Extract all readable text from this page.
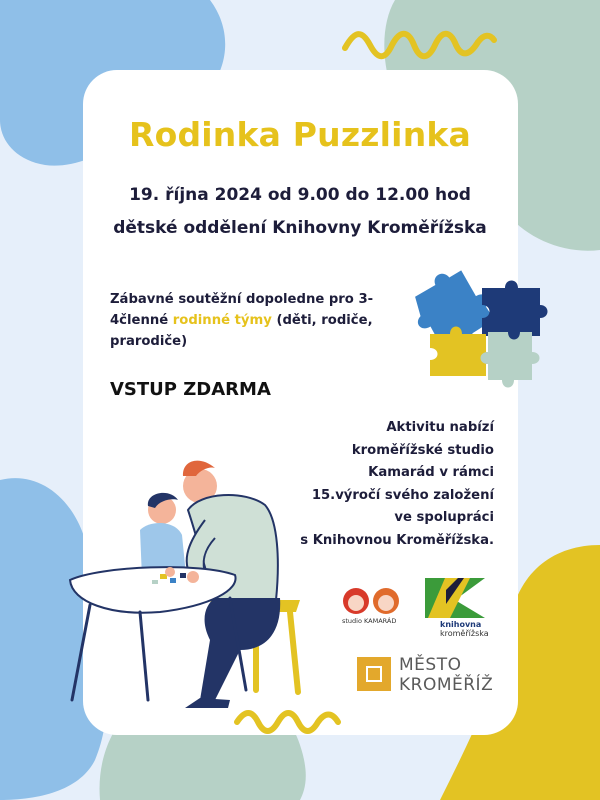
Rodinka Puzzlinka
19. října 2024 od 9.00 do 12.00 hod
dětské oddělení Knihovny Kroměřížska
Zábavné soutěžní dopoledne pro 3-4členné rodinné týmy (děti, rodiče, prarodiče)
VSTUP ZDARMA
Aktivitu nabízí
kroměřížské studio
Kamarád v rámci
15.výročí svého založení
ve spolupráci
s Knihovnou Kroměřížska.
studio KAMARÁD	knihovna
kroměřížska
MĚSTO
KROMĚŘÍŽ
